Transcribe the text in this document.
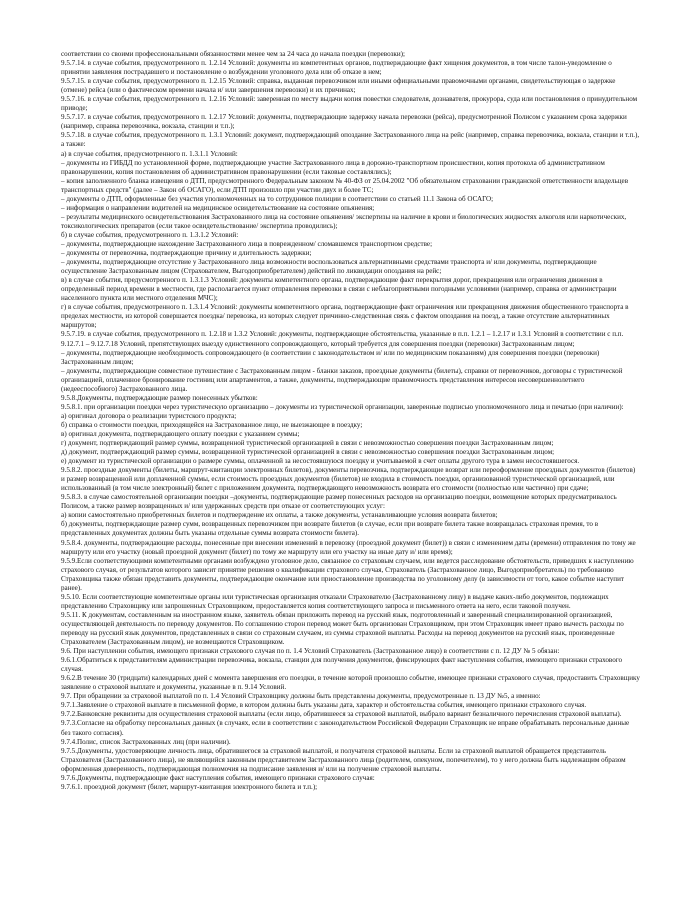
соответствии со своими профессиональными обязанностями менее чем за 24 часа до начала поездки (перевозки);

9.5.7.14. в случае события, предусмотренного п. 1.2.14 Условий: документы из компетентных органов, подтверждающие факт хищения документов, в том числе талон-уведомление о принятии заявления пострадавшего и постановление о возбуждении уголовного дела или об отказе в нем;

9.5.7.15. в случае события, предусмотренного п. 1.2.15 Условий: справка, выданная перевозчиком или иными официальными правомочными органами, свидетельствующая о задержке (отмене) рейса (или о фактическом времени начала и/ или завершения перевозки) и их причинах;

9.5.7.16. в случае события, предусмотренного п. 1.2.16 Условий: заверенная по месту выдачи копия повестки следователя, дознавателя, прокурора, суда или постановления о принудительном приводе;

9.5.7.17. в случае события, предусмотренного п. 1.2.17 Условий: документы, подтверждающие задержку начала перевозки (рейса), предусмотренной Полисом с указанием срока задержки (например, справка перевозчика, вокзала, станции и т.п.);

9.5.7.18. в случае события, предусмотренного п. 1.3.1 Условий: документ, подтверждающий опоздание Застрахованного лица на рейс (например, справка перевозчика, вокзала, станции и т.п.), а также:

а) в случае события, предусмотренного п. 1.3.1.1 Условий:

– документы из ГИБДД по установленной форме, подтверждающие участие Застрахованного лица в дорожно-транспортном происшествии, копия протокола об административном правонарушении, копия постановления об административном правонарушении (если таковые составлялись);

– копия заполненного бланка извещения о ДТП, предусмотренного Федеральным законом № 40-ФЗ от 25.04.2002 "Об обязательном страховании гражданской ответственности владельцев транспортных средств" (далее – Закон об ОСАГО), если ДТП произошло при участии двух и более ТС;

– документы о ДТП, оформленные без участия уполномоченных на то сотрудников полиции в соответствии со статьей 11.1 Закона об ОСАГО;

– информация о направлении водителей на медицинское освидетельствование на состояние опьянения;

– результаты медицинского освидетельствования Застрахованного лица на состояние опьянения/ экспертизы на наличие в крови и биологических жидкостях алкоголя или наркотических, токсикологических препаратов (если такое освидетельствование/ экспертиза проводились);

б) в случае события, предусмотренного п. 1.3.1.2 Условий:

– документы, подтверждающие нахождение Застрахованного лица в поврежденном/ сломавшемся транспортном средстве;

– документы от перевозчика, подтверждающие причину и длительность задержки;

– документы, подтверждающие отсутствие у Застрахованного лица возможности воспользоваться альтернативными средствами транспорта и/ или документы, подтверждающие осуществление Застрахованным лицом (Страхователем, Выгодоприобретателем) действий по ликвидации опоздания на рейс;

в) в случае события, предусмотренного п. 1.3.1.3 Условий: документы компетентного органа, подтверждающие факт перекрытия дорог, прекращения или ограничения движения в определенный период времени в местности, где располагается пункт отправления перевозки в связи с неблагоприятными погодными условиями (например, справка от администрации населенного пункта или местного отделения МЧС);

г) в случае события, предусмотренного п. 1.3.1.4 Условий: документы компетентного органа, подтверждающие факт ограничения или прекращения движения общественного транспорта в пределах местности, из которой совершается поездка/ перевозка, из которых следует причинно-следственная связь с фактом опоздания на поезд, а также отсутствие альтернативных маршрутов;

9.5.7.19. в случае события, предусмотренного п. 1.2.18 и 1.3.2 Условий: документы, подтверждающие обстоятельства, указанные в п.п. 1.2.1 – 1.2.17 и 1.3.1 Условий в соответствии с п.п. 9.12.7.1 – 9.12.7.18 Условий, препятствующих выезду единственного сопровождающего, который требуется для совершения поездки (перевозки) Застрахованным лицом;

– документы, подтверждающие необходимость сопровождающего (в соответствии с законодательством и/ или по медицинским показаниям) для совершения поездки (перевозки) Застрахованным лицом;

– документы, подтверждающие совместное путешествие с Застрахованным лицом - бланки заказов, проездные документы (билеты), справки от перевозчиков, договоры с туристической организацией, оплаченное бронирование гостиниц или апартаментов, а также, документы, подтверждающие правомочность представления интересов несовершеннолетнего (недееспособного) Застрахованного лица.

9.5.8.Документы, подтверждающие размер понесенных убытков:

9.5.8.1. при организации поездки через туристическую организацию – документы из туристической организации, заверенные подписью уполномоченного лица и печатью (при наличии):

а) оригинал договора о реализации туристского продукта;

б) справка о стоимости поездки, приходящейся на Застрахованное лицо, не выезжающее в поездку;

в) оригинал документа, подтверждающего оплату поездки с указанием суммы;

г) документ, подтверждающий размер суммы, возвращенной туристической организацией в связи с невозможностью совершения поездки Застрахованным лицом;

д) документ, подтверждающий размер суммы, возвращенной туристической организацией в связи с невозможностью совершения поездки Застрахованным лицом;

е) документ из туристической организации о размере суммы, оплаченной за несостоявшуюся поездку и учитываемой в счет оплаты другого тура в замен несостоявшегося.

9.5.8.2. проездные документы (билеты, маршрут-квитанции электронных билетов), документы перевозчика, подтверждающие возврат или переоформление проездных документов (билетов) и размер возвращенной или доплаченной суммы, если стоимость проездных документов (билетов) не входила в стоимость поездки, организованной туристической организацией, или использованный (в том числе электронный) билет с приложением документа, подтверждающего невозможность возврата его стоимости (полностью или частично) при сдаче;

9.5.8.3. в случае самостоятельной организации поездки –документы, подтверждающие размер понесенных расходов на организацию поездки, возмещение которых предусматривалось Полисом, а также размер возвращенных и/ или удержанных средств при отказе от соответствующих услуг:

а) копии самостоятельно приобретенных билетов и подтверждение их оплаты, а также документы, устанавливающие условия возврата билетов;

б) документы, подтверждающие размер сумм, возвращенных перевозчиком при возврате билетов (в случае, если при возврате билета также возвращалась страховая премия, то в представленных документах должны быть указаны отдельные суммы возврата стоимости билета).

9.5.8.4. документы, подтверждающие расходы, понесенные при внесении изменений в перевозку (проездной документ (билет)) в связи с изменением даты (времени) отправления по тому же маршруту или его участку (новый проездной документ (билет) по тому же маршруту или его участку на иные дату и/ или время);

9.5.9.Если соответствующими компетентными органами возбуждено уголовное дело, связанное со страховым случаем, или ведется расследование обстоятельств, приведших к наступлению страхового случая, от результатов которого зависит принятие решения о квалификации страхового случая, Страхователь (Застрахованное лицо, Выгодоприобретатель) по требованию Страховщика также обязан представить документы, подтверждающие окончание или приостановление производства по уголовному делу (в зависимости от того, какое событие наступит ранее).

9.5.10. Если соответствующие компетентные органы или туристическая организация отказали Страхователю (Застрахованному лицу) в выдаче каких-либо документов, подлежащих представлению Страховщику или запрошенных Страховщиком, предоставляется копия соответствующего запроса и письменного ответа на него, если таковой получен.

9.5.11. К документам, составленным на иностранном языке, заявитель обязан приложить перевод на русский язык, подготовленный и заверенный специализированной организацией, осуществляющей деятельность по переводу документов. По соглашению сторон перевод может быть организован Страховщиком, при этом Страховщик имеет право вычесть расходы по переводу на русский язык документов, представленных в связи со страховым случаем, из суммы страховой выплаты. Расходы на перевод документов на русский язык, произведенные Страхователем (Застрахованным лицом), не возмещаются Страховщиком.

9.6. При наступлении события, имеющего признаки страхового случая по п. 1.4 Условий Страхователь (Застрахованное лицо) в соответствии с п. 12 ДУ № 5 обязан:

9.6.1.Обратиться к представителям администрации перевозчика, вокзала, станции для получения документов, фиксирующих факт наступления события, имеющего признаки страхового случая.

9.6.2.В течение 30 (тридцати) календарных дней с момента завершения его поездки, в течение которой произошло событие, имеющее признаки страхового случая, предоставить Страховщику заявление о страховой выплате и документы, указанные в п. 9.14 Условий.

9.7. При обращении за страховой выплатой по п. 1.4 Условий Страховщику должны быть представлены документы, предусмотренные п. 13 ДУ №5, а именно:

9.7.1.Заявление о страховой выплате в письменной форме, в котором должны быть указаны дата, характер и обстоятельства события, имеющего признаки страхового случая.

9.7.2.Банковские реквизиты для осуществления страховой выплаты (если лицо, обратившееся за страховой выплатой, выбрало вариант безналичного перечисления страховой выплаты).

9.7.3.Согласие на обработку персональных данных (в случаях, если в соответствии с законодательством Российской Федерации Страховщик не вправе обрабатывать персональные данные без такого согласия).

9.7.4.Полис, список Застрахованных лиц (при наличии).

9.7.5.Документы, удостоверяющие личность лица, обратившегося за страховой выплатой, и получателя страховой выплаты. Если за страховой выплатой обращается представитель Страхователя (Застрахованного лица), не являющийся законным представителем Застрахованного лица (родителем, опекуном, попечителем), то у него должна быть надлежащим образом оформленная доверенность, подтверждающая полномочия на подписание заявления и/ или на получение страховой выплаты.

9.7.6.Документы, подтверждающие факт наступления события, имеющего признаки страхового случая:

9.7.6.1. проездной документ (билет, маршрут-квитанция электронного билета и т.п.);
